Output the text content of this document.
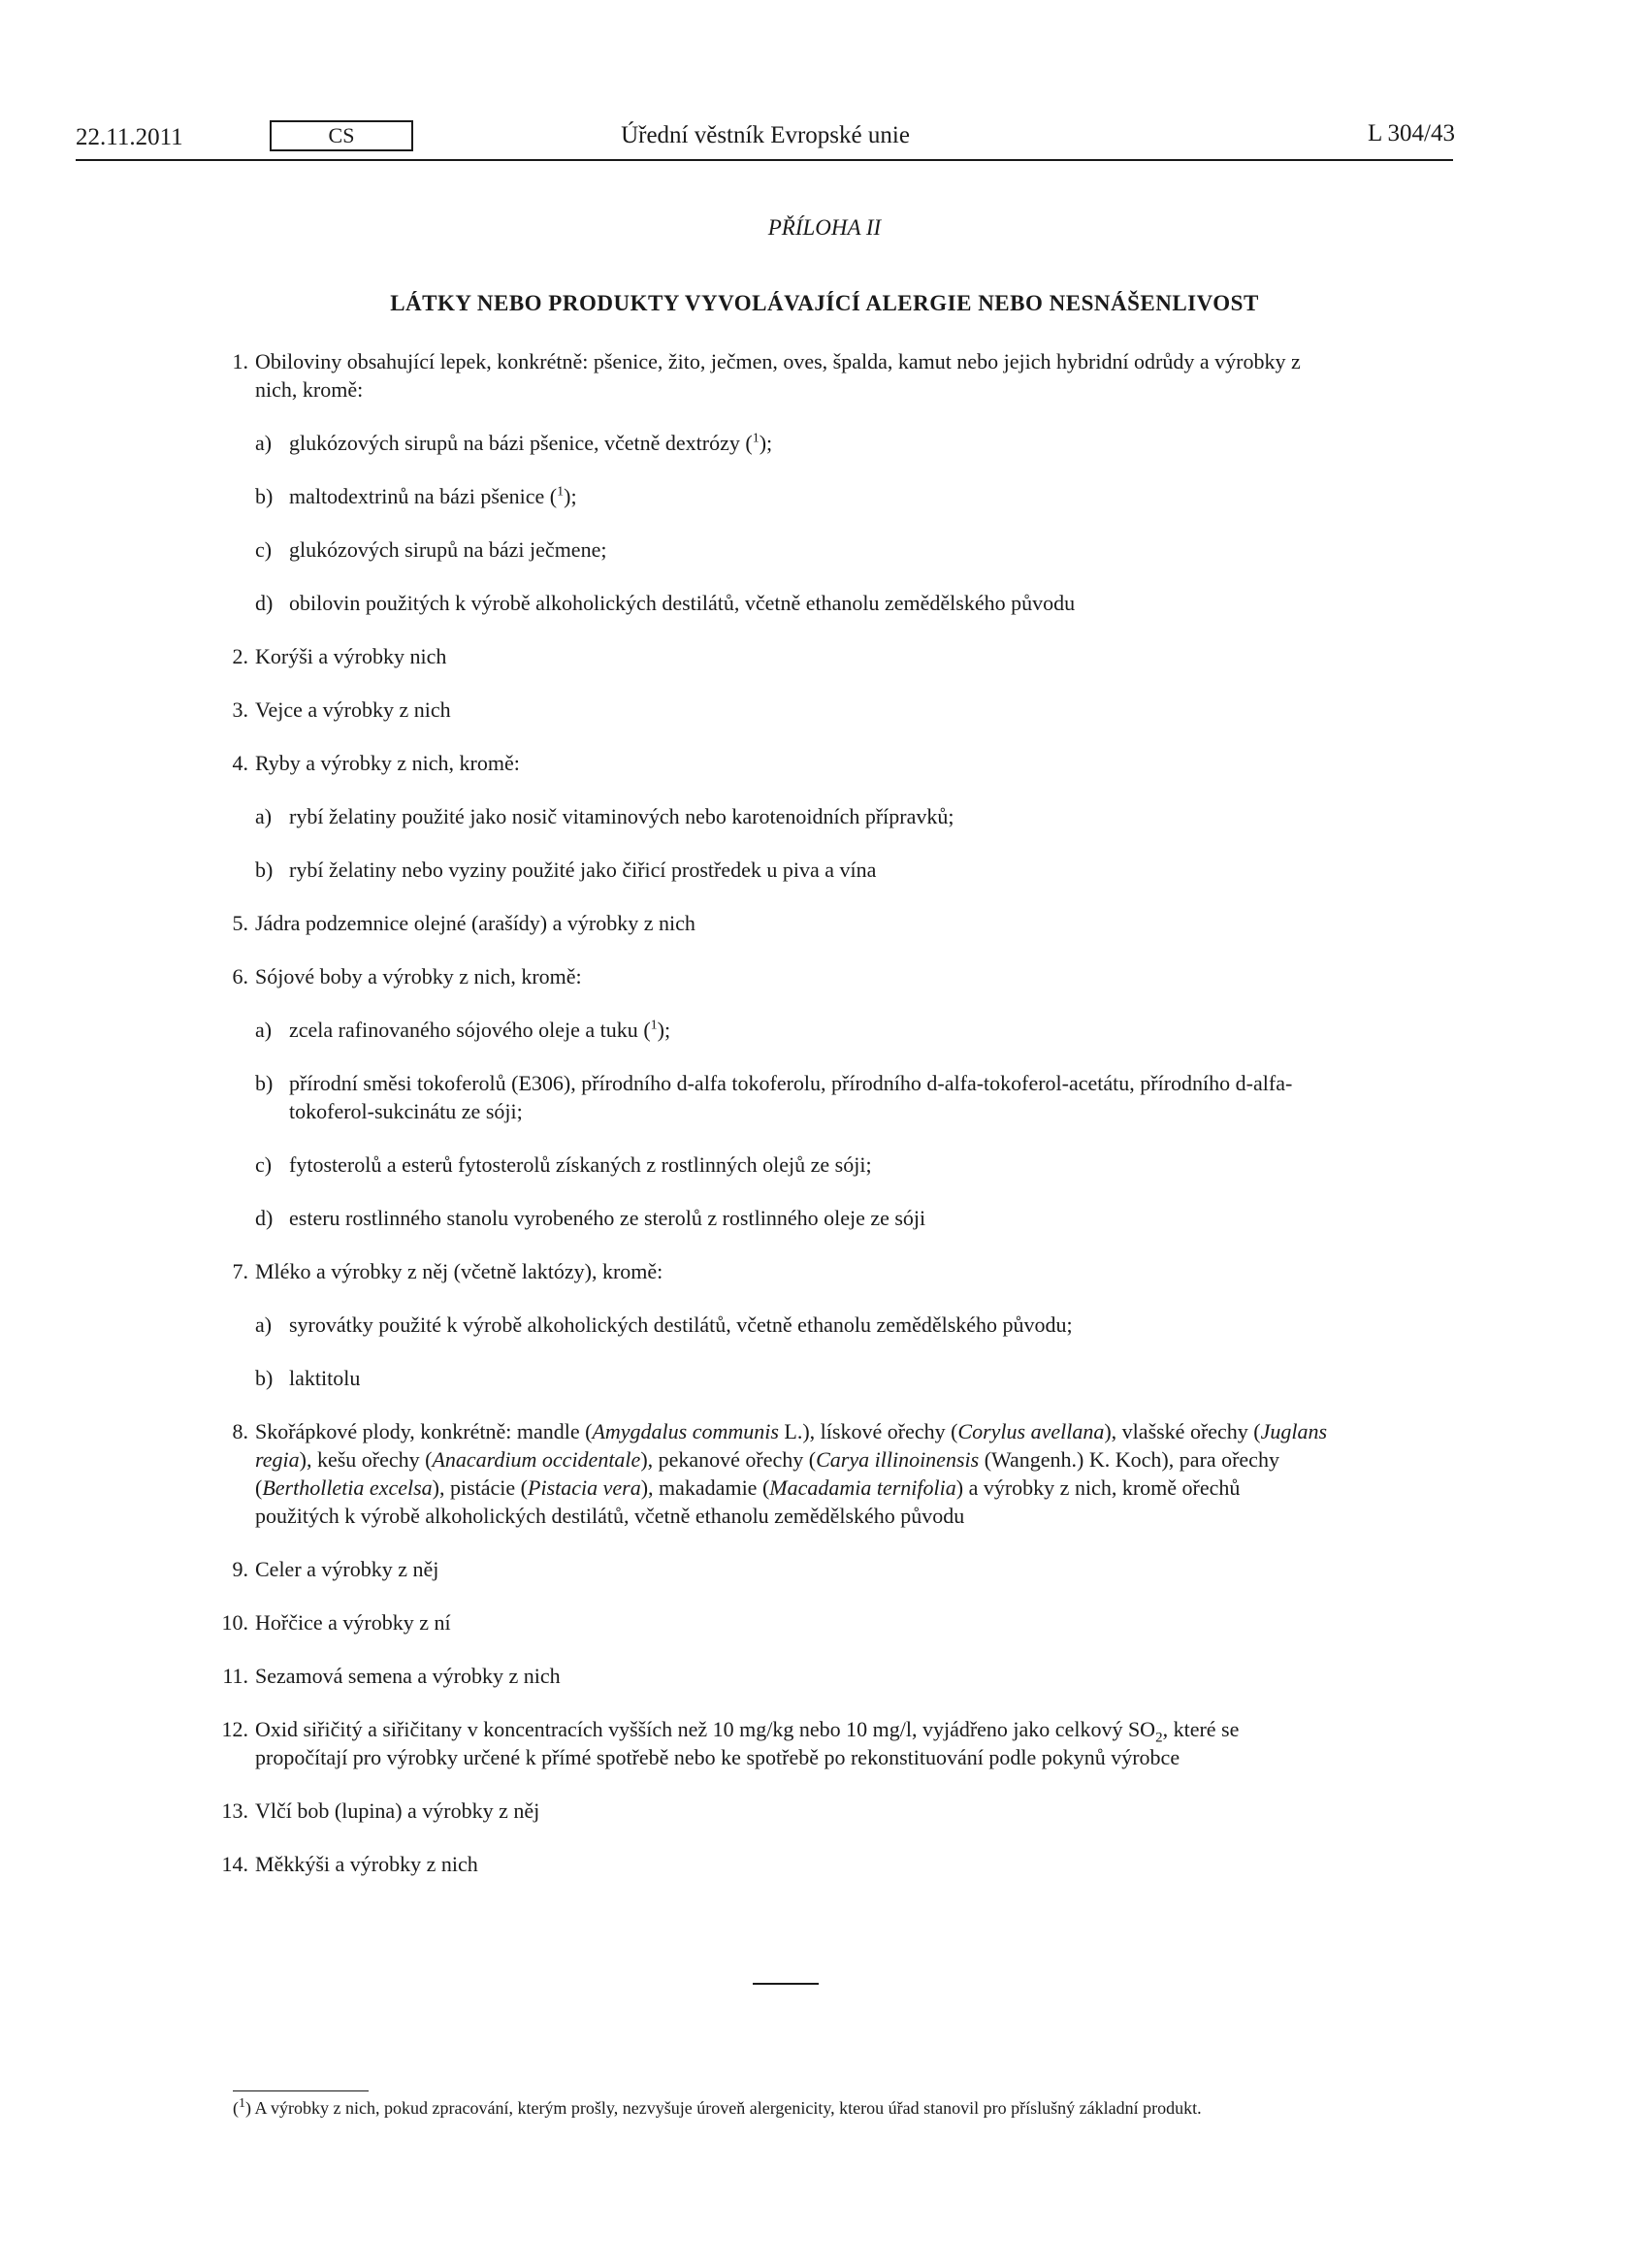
22.11.2011	CS	Úřední věstník Evropské unie	L 304/43
PŘÍLOHA II
LÁTKY NEBO PRODUKTY VYVOLÁVAJÍCÍ ALERGIE NEBO NESNÁŠENLIVOST
1. Obiloviny obsahující lepek, konkrétně: pšenice, žito, ječmen, oves, špalda, kamut nebo jejich hybridní odrůdy a výrobky z nich, kromě:
a) glukózových sirupů na bázi pšenice, včetně dextrózy ($^1$);
b) maltodextrinů na bázi pšenice ($^1$);
c) glukózových sirupů na bázi ječmene;
d) obilovin použitých k výrobě alkoholických destilátů, včetně ethanolu zemědělského původu
2. Korýši a výrobky nich
3. Vejce a výrobky z nich
4. Ryby a výrobky z nich, kromě:
a) rybí želatiny použité jako nosič vitaminových nebo karotenoidních přípravků;
b) rybí želatiny nebo vyziny použité jako čiřicí prostředek u piva a vína
5. Jádra podzemnice olejné (arašídy) a výrobky z nich
6. Sójové boby a výrobky z nich, kromě:
a) zcela rafinovaného sójového oleje a tuku ($^1$);
b) přírodní směsi tokoferolů (E306), přírodního d-alfa tokoferolu, přírodního d-alfa-tokoferol-acetátu, přírodního d-alfa-tokoferol-sukcinátu ze sóji;
c) fytosterolů a esterů fytosterolů získaných z rostlinných olejů ze sóji;
d) esteru rostlinného stanolu vyrobeného ze sterolů z rostlinného oleje ze sóji
7. Mléko a výrobky z něj (včetně laktózy), kromě:
a) syrovátky použité k výrobě alkoholických destilátů, včetně ethanolu zemědělského původu;
b) laktitolu
8. Skořápkové plody, konkrétně: mandle (Amygdalus communis L.), lískové ořechy (Corylus avellana), vlašské ořechy (Juglans regia), kešu ořechy (Anacardium occidentale), pekanové ořechy (Carya illinoinensis (Wangenh.) K. Koch), para ořechy (Bertholletia excelsa), pistácie (Pistacia vera), makadamie (Macadamia ternifolia) a výrobky z nich, kromě ořechů použitých k výrobě alkoholických destilátů, včetně ethanolu zemědělského původu
9. Celer a výrobky z něj
10. Hořčice a výrobky z ní
11. Sezamová semena a výrobky z nich
12. Oxid siřičitý a siřičitany v koncentracích vyšších než 10 mg/kg nebo 10 mg/l, vyjádřeno jako celkový $SO_2$, které se propočítají pro výrobky určené k přímé spotřebě nebo ke spotřebě po rekonstituování podle pokynů výrobce
13. Vlčí bob (lupina) a výrobky z něj
14. Měkkýši a výrobky z nich
($^1$) A výrobky z nich, pokud zpracování, kterým prošly, nezvyšuje úroveň alergenicity, kterou úřad stanovil pro příslušný základní produkt.
